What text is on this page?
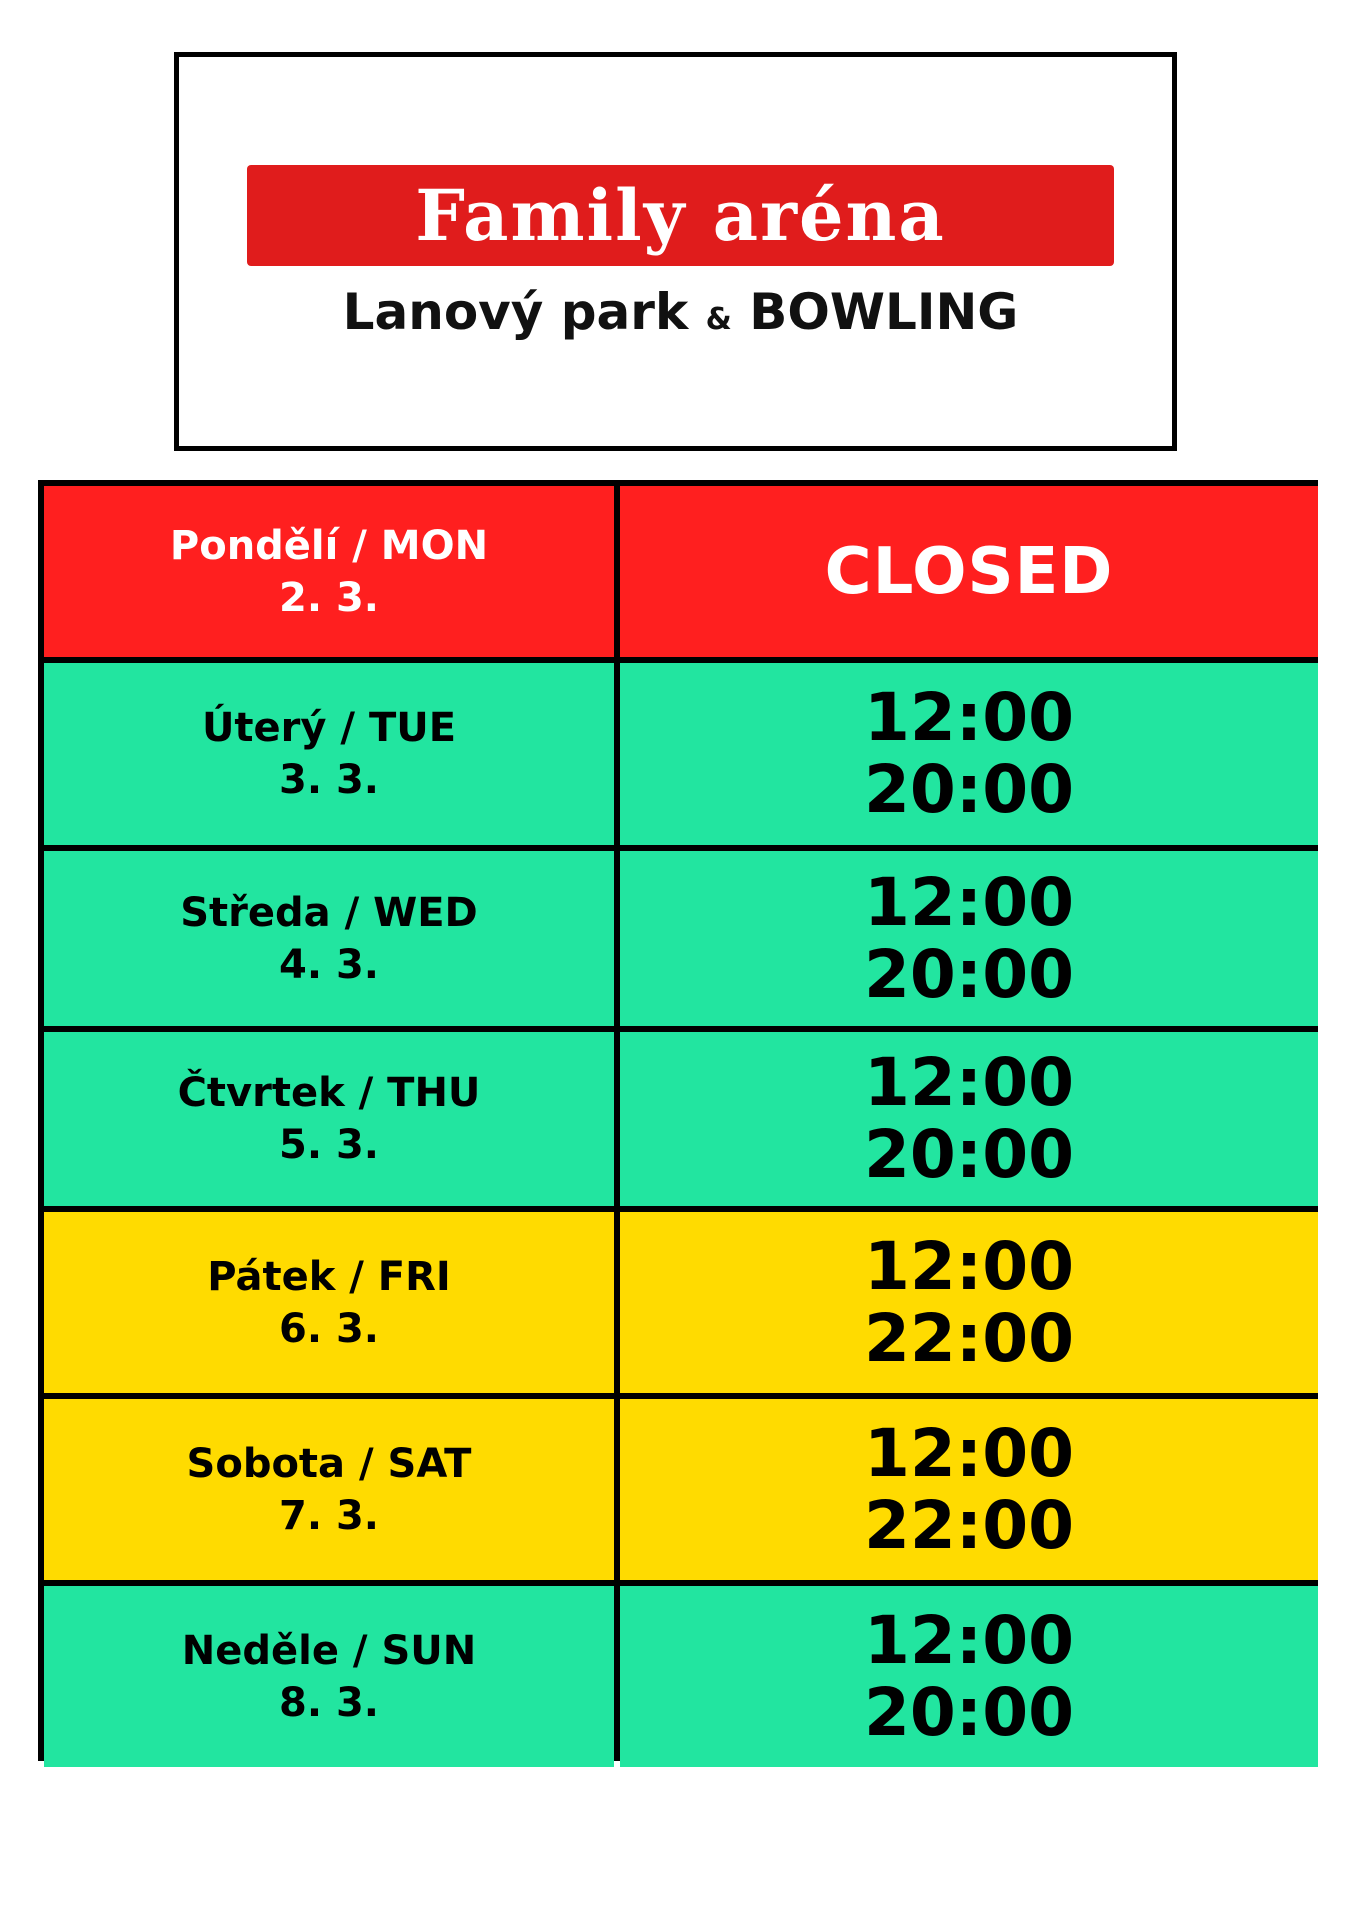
Family aréna
Lanový park & BOWLING
Pondělí / MON
2. 3.	CLOSED
Úterý / TUE
3. 3.
12:00
20:00
Středa / WED
4. 3.
12:00
20:00
Čtvrtek / THU
5. 3.
12:00
20:00
Pátek / FRI
6. 3.
12:00
22:00
Sobota / SAT
7. 3.
12:00
22:00
Neděle / SUN
8. 3.
12:00
20:00
